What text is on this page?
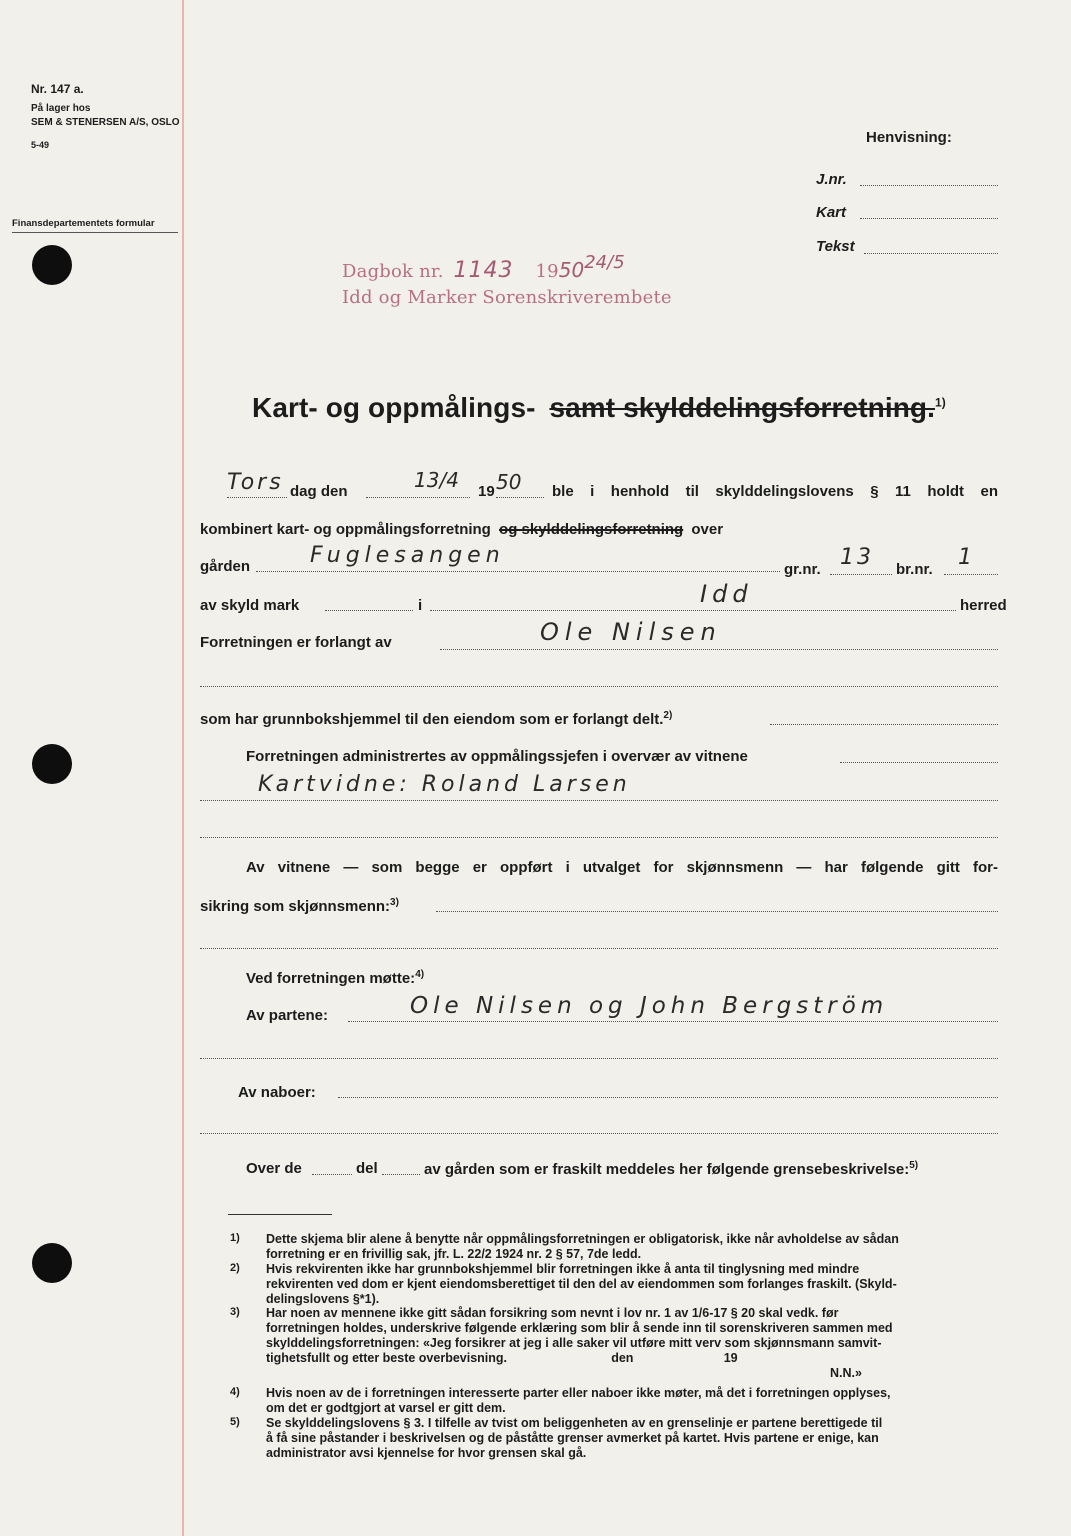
Nr. 147 a.
På lager hos
SEM & STENERSEN A/S, OSLO
5-49
Finansdepartementets formular
Henvisning:
J.nr.
Kart
Tekst
Dagbok nr. 1143 195024/5
Idd og Marker Sorenskriverembete
Kart- og oppmålings- samt skylddelingsforretning.$^{1)}$
Tors dag den	13/4 19 50 ble i henhold til skylddelingslovens § 11 holdt en
kombinert kart- og oppmålingsforretning og skylddelingsforretning over
gården	Fuglesangen
gr.nr. 13 br.nr. 1
av skyld mark	i	Idd	herred
Forretningen er forlangt av	Ole Nilsen
som har grunnbokshjemmel til den eiendom som er forlangt delt.$^{2)}$
Forretningen administrertes av oppmålingssjefen i overvær av vitnene
Kartvidne: Roland Larsen
Av vitnene — som begge er oppført i utvalget for skjønnsmenn — har følgende gitt for-
sikring som skjønnsmenn:$^{3)}$
Ved forretningen møtte:$^{4)}$
Av partene:	Ole Nilsen og John Bergström
Av naboer:
Over de	del	av gården som er fraskilt meddeles her følgende grensebeskrivelse:$^{5)}$
1) Dette skjema blir alene å benytte når oppmålingsforretningen er obligatorisk, ikke når avholdelse av sådan
forretning er en frivillig sak, jfr. L. 22/2 1924 nr. 2 § 57, 7de ledd.
2) Hvis rekvirenten ikke har grunnbokshjemmel blir forretningen ikke å anta til tinglysning med mindre
rekvirenten ved dom er kjent eiendomsberettiget til den del av eiendommen som forlanges fraskilt. (Skyld-
delingslovens §*1).
3) Har noen av mennene ikke gitt sådan forsikring som nevnt i lov nr. 1 av 1/6-17 § 20 skal vedk. før
forretningen holdes, underskrive følgende erklæring som blir å sende inn til sorenskriveren sammen med
skylddelingsforretningen: «Jeg forsikrer at jeg i alle saker vil utføre mitt verv som skjønnsmann samvit-
tighetsfullt og etter beste overbevisning.                              den                          19
N.N.»
4) Hvis noen av de i forretningen interesserte parter eller naboer ikke møter, må det i forretningen opplyses,
om det er godtgjort at varsel er gitt dem.
5) Se skylddelingslovens § 3. I tilfelle av tvist om beliggenheten av en grenselinje er partene berettigede til
å få sine påstander i beskrivelsen og de påståtte grenser avmerket på kartet. Hvis partene er enige, kan
administrator avsi kjennelse for hvor grensen skal gå.
